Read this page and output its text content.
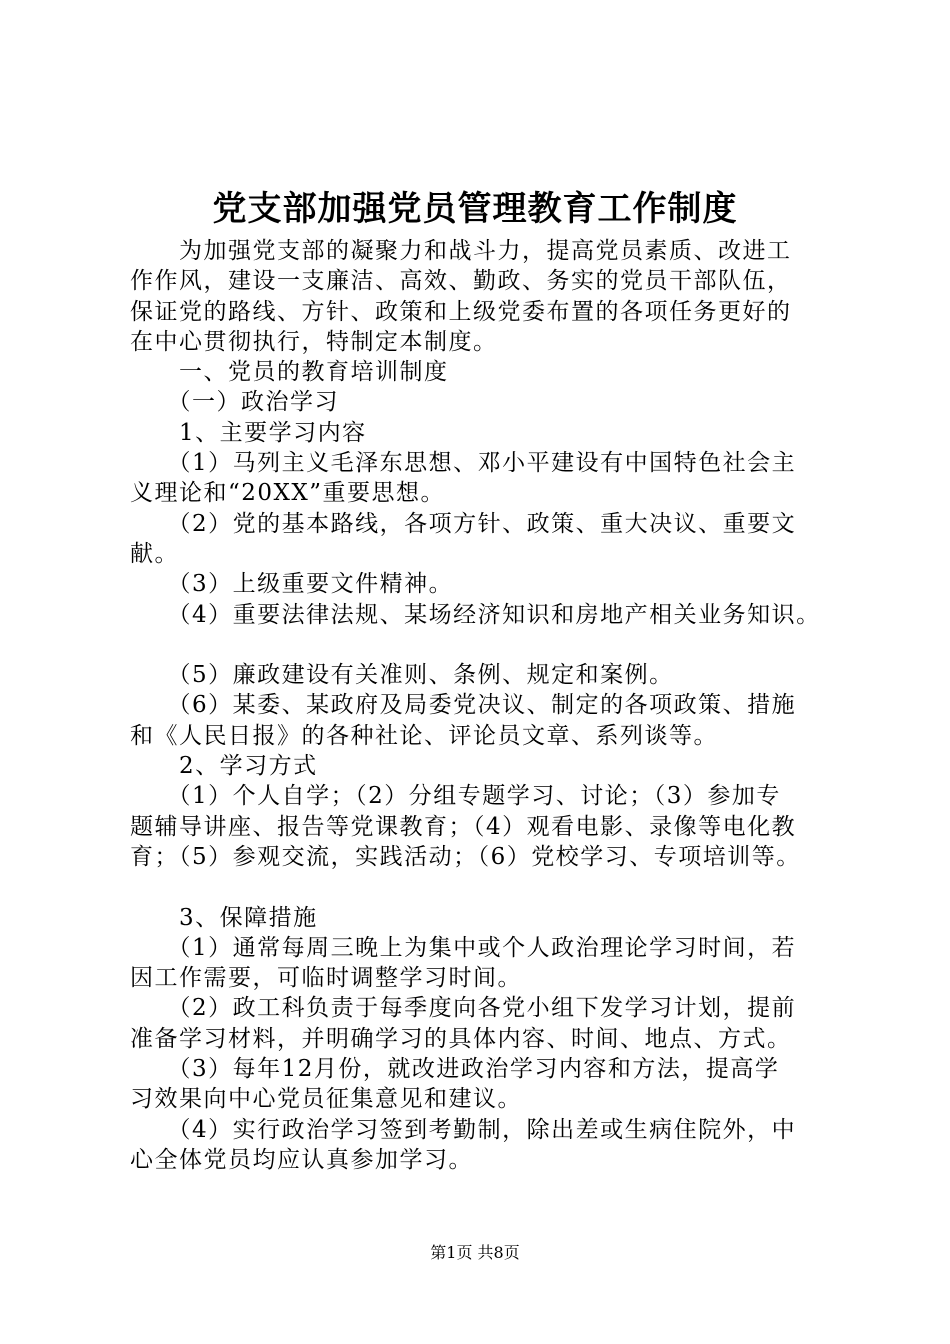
党支部加强党员管理教育工作制度
　　为加强党支部的凝聚力和战斗力，提高党员素质、改进工
作作风，建设一支廉洁、高效、勤政、务实的党员干部队伍，
保证党的路线、方针、政策和上级党委布置的各项任务更好的
在中心贯彻执行，特制定本制度。
　　一、党员的教育培训制度
　　（一）政治学习
　　1、主要学习内容
　　（1）马列主义毛泽东思想、邓小平建设有中国特色社会主
义理论和“20XX”重要思想。
　　（2）党的基本路线，各项方针、政策、重大决议、重要文
献。
　　（3）上级重要文件精神。
　　（4）重要法律法规、某场经济知识和房地产相关业务知识。
　　（5）廉政建设有关准则、条例、规定和案例。
　　（6）某委、某政府及局委党决议、制定的各项政策、措施
和《人民日报》的各种社论、评论员文章、系列谈等。
　　2、学习方式
　　（1）个人自学；（2）分组专题学习、讨论；（3）参加专
题辅导讲座、报告等党课教育；（4）观看电影、录像等电化教
育；（5）参观交流，实践活动；（6）党校学习、专项培训等。
　　3、保障措施
　　（1）通常每周三晚上为集中或个人政治理论学习时间，若
因工作需要，可临时调整学习时间。
　　（2）政工科负责于每季度向各党小组下发学习计划，提前
准备学习材料，并明确学习的具体内容、时间、地点、方式。
　　（3）每年12月份，就改进政治学习内容和方法，提高学
习效果向中心党员征集意见和建议。
　　（4）实行政治学习签到考勤制，除出差或生病住院外，中
心全体党员均应认真参加学习。
第1页 共8页
